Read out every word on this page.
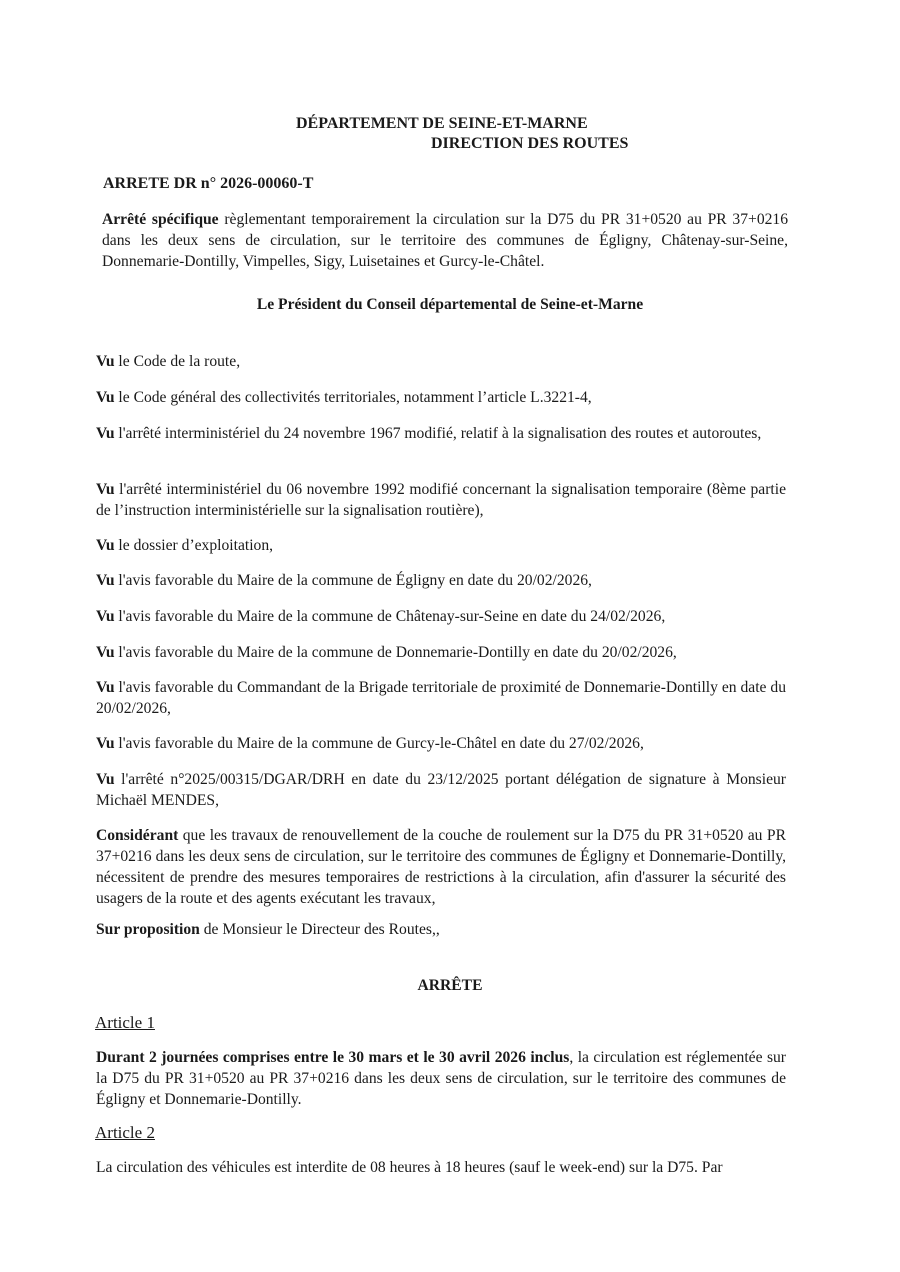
DÉPARTEMENT DE SEINE-ET-MARNE
DIRECTION DES ROUTES
ARRETE DR n° 2026-00060-T
Arrêté spécifique règlementant temporairement la circulation sur la D75 du PR 31+0520 au PR 37+0216 dans les deux sens de circulation, sur le territoire des communes de Égligny, Châtenay-sur-Seine, Donnemarie-Dontilly, Vimpelles, Sigy, Luisetaines et Gurcy-le-Châtel.
Le Président du Conseil départemental de Seine-et-Marne
Vu le Code de la route,
Vu le Code général des collectivités territoriales, notamment l’article L.3221-4,
Vu l'arrêté interministériel du 24 novembre 1967 modifié, relatif à la signalisation des routes et autoroutes,
Vu l'arrêté interministériel du 06 novembre 1992 modifié concernant la signalisation temporaire (8ème partie de l’instruction interministérielle sur la signalisation routière),
Vu le dossier d’exploitation,
Vu l'avis favorable du Maire de la commune de Égligny en date du 20/02/2026,
Vu l'avis favorable du Maire de la commune de Châtenay-sur-Seine en date du 24/02/2026,
Vu l'avis favorable du Maire de la commune de Donnemarie-Dontilly en date du 20/02/2026,
Vu l'avis favorable du Commandant de la Brigade territoriale de proximité de Donnemarie-Dontilly en date du 20/02/2026,
Vu l'avis favorable du Maire de la commune de Gurcy-le-Châtel en date du 27/02/2026,
Vu l'arrêté n°2025/00315/DGAR/DRH en date du 23/12/2025 portant délégation de signature à Monsieur Michaël MENDES,
Considérant que les travaux de renouvellement de la couche de roulement sur la D75 du PR 31+0520 au PR 37+0216 dans les deux sens de circulation, sur le territoire des communes de Égligny et Donnemarie-Dontilly, nécessitent de prendre des mesures temporaires de restrictions à la circulation, afin d'assurer la sécurité des usagers de la route et des agents exécutant les travaux,
Sur proposition de Monsieur le Directeur des Routes,,
ARRÊTE
Article 1
Durant 2 journées comprises entre le 30 mars et le 30 avril 2026 inclus, la circulation est réglementée sur la D75 du PR 31+0520 au PR 37+0216 dans les deux sens de circulation, sur le territoire des communes de Égligny et Donnemarie-Dontilly.
Article 2
La circulation des véhicules est interdite de 08 heures à 18 heures (sauf le week-end) sur la D75. Par
